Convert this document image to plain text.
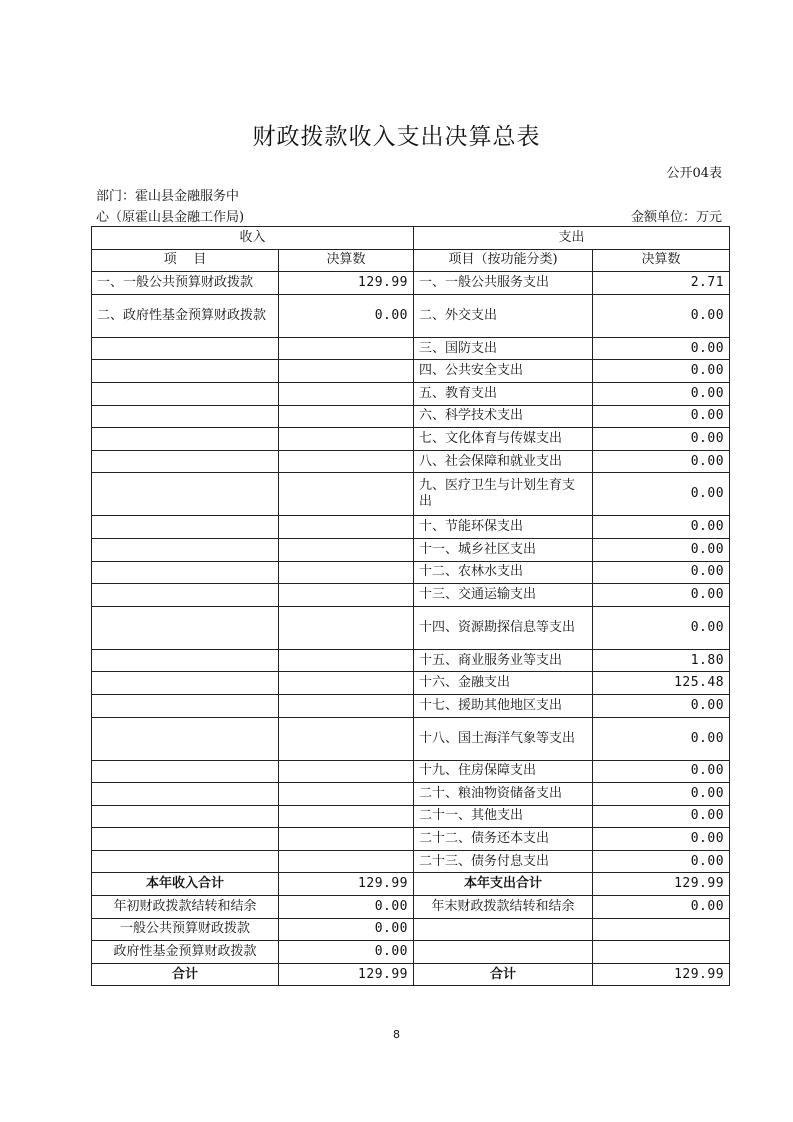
财政拨款收入支出决算总表
公开04表
部门：霍山县金融服务中
心（原霍山县金融工作局)	金额单位：万元
收入		支出	
项    目	决算数	项目（按功能分类)	决算数
一、一般公共预算财政拨款	129.99	一、一般公共服务支出	2.71
二、政府性基金预算财政拨款	0.00	二、外交支出	0.00
		三、国防支出	0.00
		四、公共安全支出	0.00
		五、教育支出	0.00
		六、科学技术支出	0.00
		七、文化体育与传媒支出	0.00
		八、社会保障和就业支出	0.00
		九、医疗卫生与计划生育支出	0.00
		十、节能环保支出	0.00
		十一、城乡社区支出	0.00
		十二、农林水支出	0.00
		十三、交通运输支出	0.00
		十四、资源勘探信息等支出	0.00
		十五、商业服务业等支出	1.80
		十六、金融支出	125.48
		十七、援助其他地区支出	0.00
		十八、国土海洋气象等支出	0.00
		十九、住房保障支出	0.00
		二十、粮油物资储备支出	0.00
		二十一、其他支出	0.00
		二十二、债务还本支出	0.00
		二十三、债务付息支出	0.00
本年收入合计	129.99	本年支出合计	129.99
年初财政拨款结转和结余	0.00	年末财政拨款结转和结余	0.00
一般公共预算财政拨款	0.00		
政府性基金预算财政拨款	0.00		
合计	129.99	合计	129.99
8
